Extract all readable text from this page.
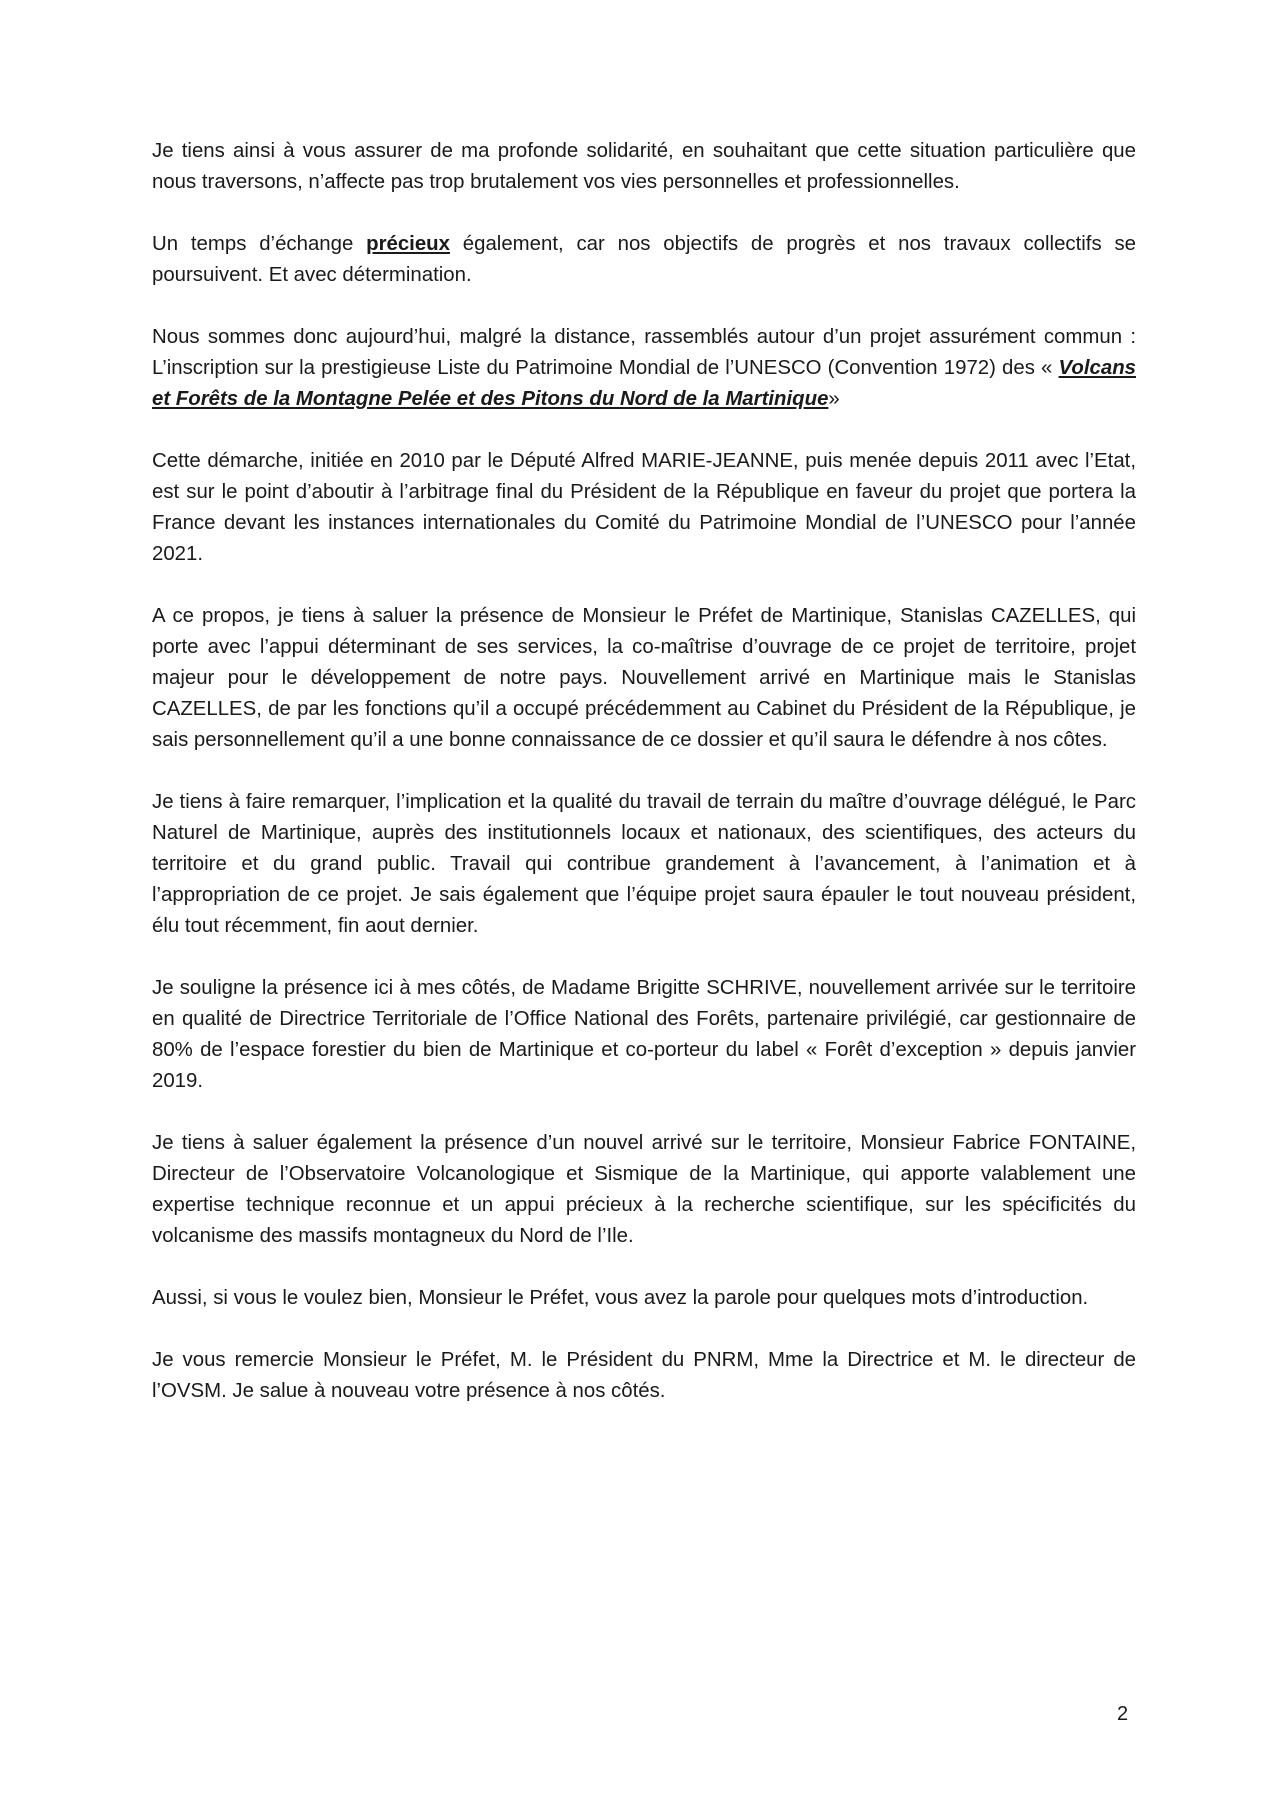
Je tiens ainsi à vous assurer de ma profonde solidarité, en souhaitant que cette situation particulière que nous traversons, n’affecte pas trop brutalement vos vies personnelles et professionnelles.

Un temps d’échange précieux également, car nos objectifs de progrès et nos travaux collectifs se poursuivent. Et avec détermination.

Nous sommes donc aujourd’hui, malgré la distance, rassemblés autour d’un projet assurément commun : L’inscription sur la prestigieuse Liste du Patrimoine Mondial de l’UNESCO (Convention 1972) des « Volcans et Forêts de la Montagne Pelée et des Pitons du Nord de la Martinique»

Cette démarche, initiée en 2010 par le Député Alfred MARIE-JEANNE, puis menée depuis 2011 avec l’Etat, est sur le point d’aboutir à l’arbitrage final du Président de la République en faveur du projet que portera la France devant les instances internationales du Comité du Patrimoine Mondial de l’UNESCO pour l’année 2021.

A ce propos, je tiens à saluer la présence de Monsieur le Préfet de Martinique, Stanislas CAZELLES, qui porte avec l’appui déterminant de ses services, la co-maîtrise d’ouvrage de ce projet de territoire, projet majeur pour le développement de notre pays. Nouvellement arrivé en Martinique mais le Stanislas CAZELLES, de par les fonctions qu’il a occupé précédemment au Cabinet du Président de la République, je sais personnellement qu’il a une bonne connaissance de ce dossier et qu’il saura le défendre à nos côtes.

Je tiens à faire remarquer, l’implication et la qualité du travail de terrain du maître d’ouvrage délégué, le Parc Naturel de Martinique, auprès des institutionnels locaux et nationaux, des scientifiques, des acteurs du territoire et du grand public. Travail qui contribue grandement à l’avancement, à l’animation et à l’appropriation de ce projet. Je sais également que l’équipe projet saura épauler le tout nouveau président, élu tout récemment, fin aout dernier.

Je souligne la présence ici à mes côtés, de Madame Brigitte SCHRIVE, nouvellement arrivée sur le territoire en qualité de Directrice Territoriale de l’Office National des Forêts, partenaire privilégié, car gestionnaire de 80% de l’espace forestier du bien de Martinique et co-porteur du label « Forêt d’exception » depuis janvier 2019.

Je tiens à saluer également la présence d’un nouvel arrivé sur le territoire, Monsieur Fabrice FONTAINE, Directeur de l’Observatoire Volcanologique et Sismique de la Martinique, qui apporte valablement une expertise technique reconnue et un appui précieux à la recherche scientifique, sur les spécificités du volcanisme des massifs montagneux du Nord de l’Ile.

Aussi, si vous le voulez bien, Monsieur le Préfet, vous avez la parole pour quelques mots d’introduction.

Je vous remercie Monsieur le Préfet, M. le Président du PNRM, Mme la Directrice et M. le directeur de l’OVSM. Je salue à nouveau votre présence à nos côtés.

2
